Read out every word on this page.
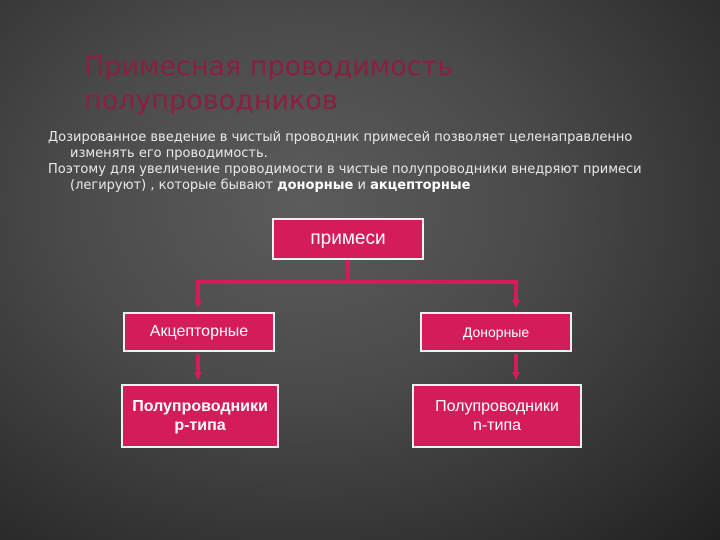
Примесная проводимость
полупроводников

Дозированное введение в чистый проводник примесей позволяет целенаправленно изменять его проводимость.

Поэтому для увеличение проводимости в чистые полупроводники внедряют примеси (легируют) , которые бывают донорные и акцепторные

примеси
Акцепторные	Донорные
Полупроводники
p-типа
Полупроводники
n-типа
